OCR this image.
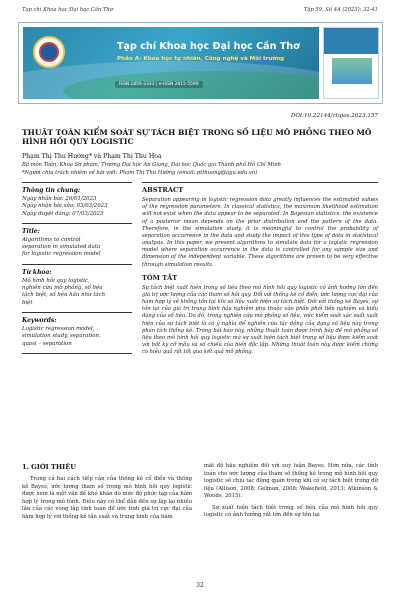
Tạp chí Khoa học Đại học Cần Thơ	Tập 59, Số 4A (2023): 32-41
Tạp chí Khoa học Đại học Cần Thơ
Phần A: Khoa học tự nhiên, Công nghệ và Môi trường
ISSN 1859-2333 | e-ISSN 2815-5599
DOI:10.22144/ctujos.2023.157
THUẬT TOÁN KIỂM SOÁT SỰ TÁCH BIỆT TRONG SỐ LIỆU MÔ PHỎNG THEO MÔ HÌNH HỒI QUY LOGISTIC
Phạm Thị Thu Hường* và Phạm Thị Thu Hoa
Bộ môn Toán, Khoa Sư phạm, Trường Đại học An Giang, Đại học Quốc gia Thành phố Hồ Chí Minh
*Người chịu trách nhiệm về bài viết: Phạm Thị Thu Hường (email: ptthuong@agu.edu.vn)
Thông tin chung:
Ngày nhận bài: 26/01/2023
Ngày nhận bài sửa: 03/03/2023
Ngày duyệt đăng: 07/03/2023
Title:
Algorithms to control
separation in simulated data
for logistic regression model
Từ khóa:
Mô hình hồi quy logistic,
nghiên cứu mô phỏng, số liệu
tách biệt, số liệu hầu như tách
biệt
Keywords:
Logistic regression model,
simulation study, separation,
quasi – separation
ABSTRACT
Separation appearing in logistic regression data greatly influences the estimated values of the regression parameters. In classical statistics, the maximum likelihood estimation will not exist when the data appear to be separated. In Bayesian statistics, the existence of a posterior mean depends on the prior distribution and the pattern of the data. Therefore, in the simulation study, it is meaningful to control the probability of separation occurrence in the data and study the impact of this type of data in statistical analysis. In this paper, we present algorithms to simulate data for a logistic regression model where separation occurrence in the data is controlled for any sample size and dimension of the independent variable. These algorithms are proven to be very effective through simulation results.
TÓM TẮT
Sự tách biệt xuất hiện trong số liệu theo mô hình hồi quy logistic có ảnh hưởng lớn đến giá trị ước lượng của các tham số hồi quy. Đối với thống kê cổ điển, ước lượng cực đại của hàm hợp lý sẽ không tồn tại khi số liệu xuất hiện sự tách biệt. Đối với thống kê Bayes, sự tồn tại của giá trị trung bình hậu nghiệm phụ thuộc vào phân phối tiên nghiệm và kiểu dạng của số liệu. Do đó, trong nghiên cứu mô phỏng số liệu, việc kiểm soát xác suất xuất hiện của sự tách biệt là có ý nghĩa để nghiên cứu tác động của dạng số liệu này trong phân tích thống kê. Trong bài báo này, những thuật toán được trình bày để mô phỏng số liệu theo mô hình hồi quy logistic mà sự xuất hiện tách biệt trong số liệu được kiểm soát với bất kỳ cỡ mẫu và số chiều của biến độc lập. Những thuật toán này được kiểm chứng có hiệu quả rất tốt qua kết quả mô phỏng.
1. GIỚI THIỆU

Trong cả hai cách tiếp cận của thống kê cổ điển và thống kê Bayes, ước lượng tham số trong mô hình hồi quy logistic được xem là một vấn đề khó khăn do mức độ phức tạp của hàm hợp lý trong mô hình. Điều này có thể dẫn đến sự lặp lại nhiều lần của các vòng lặp tính toán để ước tính giá trị cực đại của hàm hợp lý với thống kê tần suất và trung bình của hàm

mật độ hậu nghiệm đối với suy luận Bayes. Hơn nữa, các tính toán cho ước lượng của tham số thống kê trong mô hình hồi quy logistic sẽ chịu tác động quan trọng khi có sự tách biệt trong dữ liệu (Allison, 2008; Gelman, 2008; Wakefield, 2013; Atkinson & Woods, 2015).

Sự xuất hiện tách biệt trong số liệu của mô hình hồi quy logistic có ảnh hưởng rất lớn đến sự tồn tại

32
